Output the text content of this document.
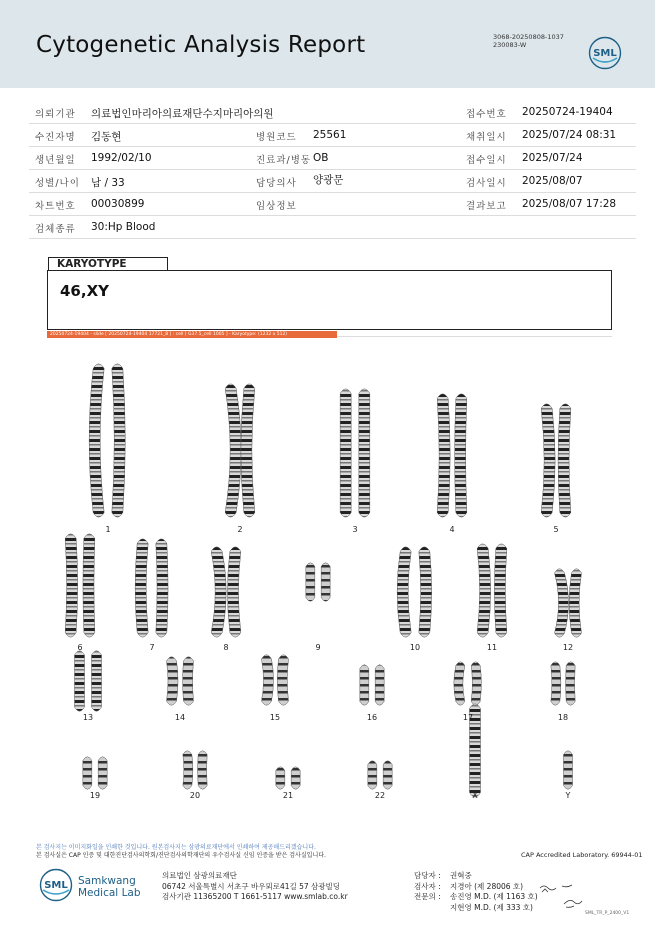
Cytogenetic Analysis Report	3068-20250808-1037
230083-W
SML
의뢰기관 의료법인마리아의료재단수지마리아의원	접수번호 20250724-19404
수진자명 김동현	병원코드 25561	채취일시 2025/07/24 08:31
생년월일 1992/02/10	진료과/병동 OB	접수일시 2025/07/24
성별/나이 남 / 33	담당의사 양광문	검사일시 2025/08/07
차트번호 00030899	임상정보	결과보고 2025/08/07 17:28
검체종류 30:Hp Blood
KARYOTYPE
46,XY
20250724-19404 - slide [ 20250724-19404 17721_8 ] : cell [ G37.5_cell 1005 ] - Karyotype: (1232 x 512)
1	2	3	4	5
6	7	8	9	10	11	12
13	14	15	16	17	18
19	20	21	22	X	Y
본 검사지는 이미지화일을 인쇄한 것입니다. 원본검사지는 삼광의료재단에서 인쇄하여 제공해드리겠습니다.
본 검사실은 CAP 인증 및 대한진단검사의학회/진단검사의학재단의 우수검사실 신임 인증을 받은 검사실입니다.	CAP Accredited Laboratory. 69944-01
SML Samkwang
Medical Lab
의료법인 삼광의료재단
06742 서울특별시 서초구 바우뫼로41길 57 삼광빌딩
검사기관 11365200 T 1661-5117 www.smlab.co.kr
담당자 : 권혁중
검사자 : 지경아 (제 28006 호)
전문의 : 송진영 M.D. (제 1163 호)
지현영 M.D. (제 333 호)
SML_TR_P_2400_V1
